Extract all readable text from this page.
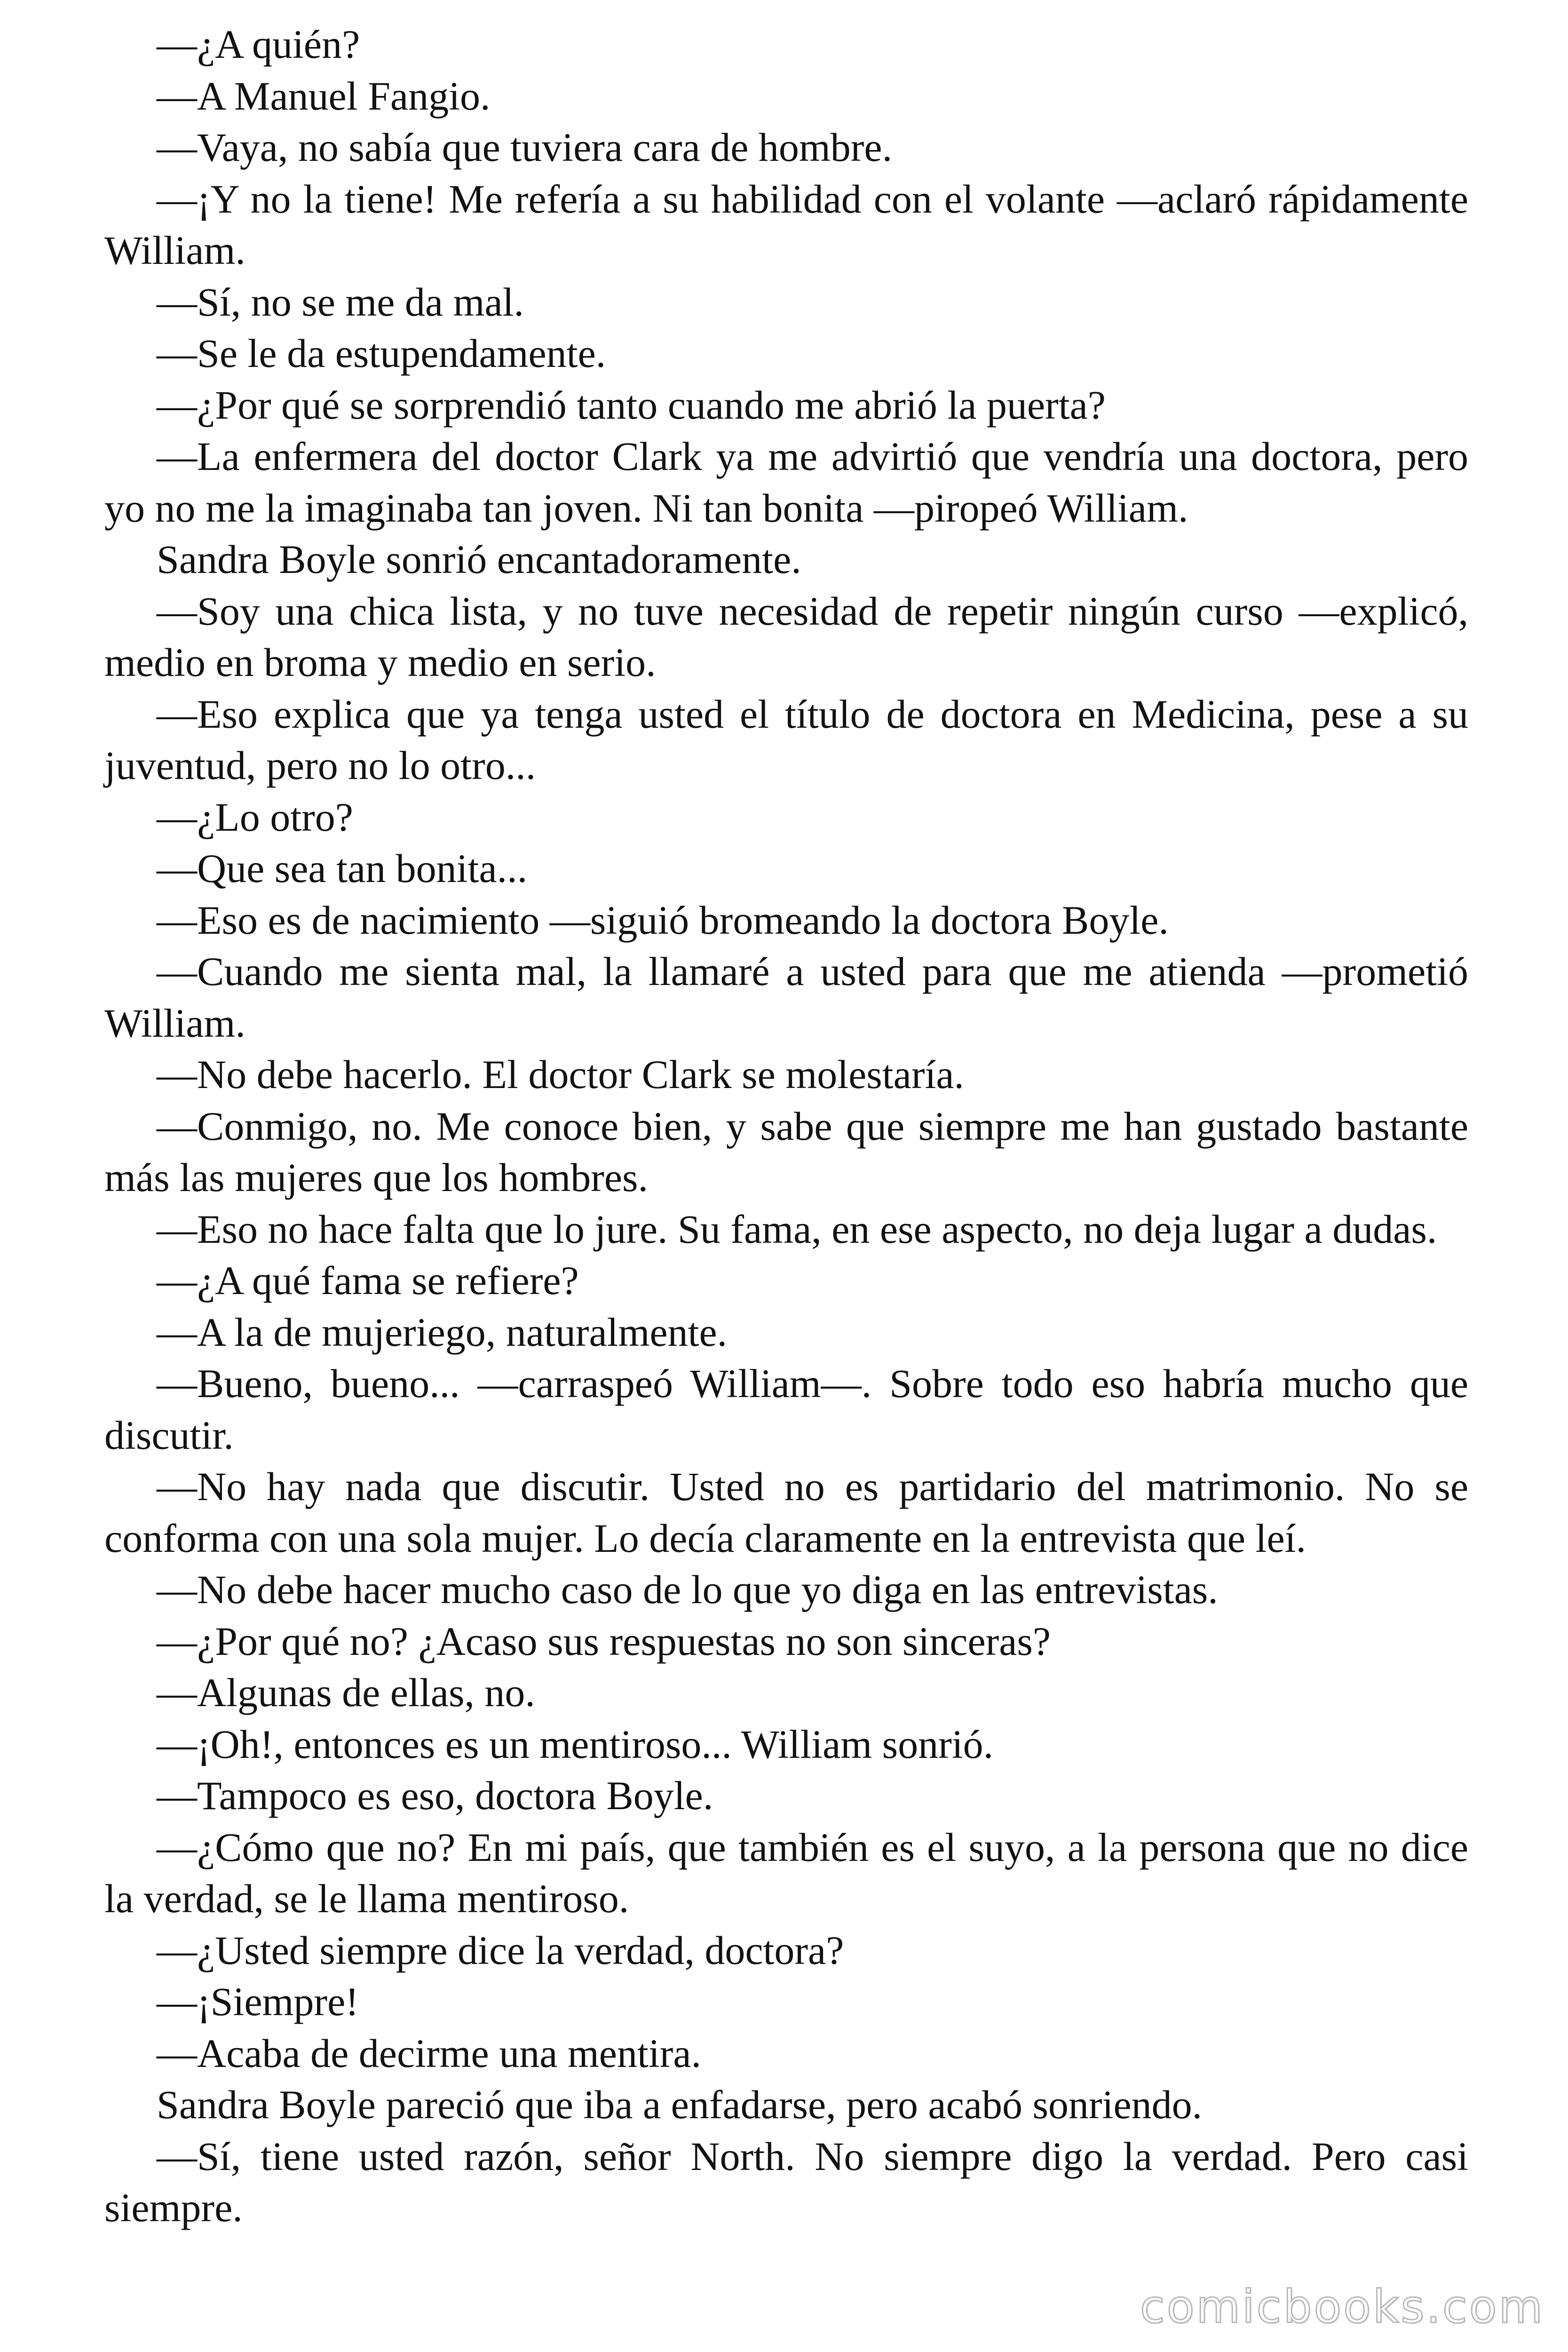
—¿A quién?

—A Manuel Fangio.

—Vaya, no sabía que tuviera cara de hombre.

—¡Y no la tiene! Me refería a su habilidad con el volante —aclaró rápidamente William.

—Sí, no se me da mal.

—Se le da estupendamente.

—¿Por qué se sorprendió tanto cuando me abrió la puerta?

—La enfermera del doctor Clark ya me advirtió que vendría una doctora, pero yo no me la imaginaba tan joven. Ni tan bonita —piropeó William.

Sandra Boyle sonrió encantadoramente.

—Soy una chica lista, y no tuve necesidad de repetir ningún curso —explicó, medio en broma y medio en serio.

—Eso explica que ya tenga usted el título de doctora en Medicina, pese a su juventud, pero no lo otro...

—¿Lo otro?

—Que sea tan bonita...

—Eso es de nacimiento —siguió bromeando la doctora Boyle.

—Cuando me sienta mal, la llamaré a usted para que me atienda —prometió William.

—No debe hacerlo. El doctor Clark se molestaría.

—Conmigo, no. Me conoce bien, y sabe que siempre me han gustado bastante más las mujeres que los hombres.

—Eso no hace falta que lo jure. Su fama, en ese aspecto, no deja lugar a dudas.

—¿A qué fama se refiere?

—A la de mujeriego, naturalmente.

—Bueno, bueno... —carraspeó William—. Sobre todo eso habría mucho que discutir.

—No hay nada que discutir. Usted no es partidario del matrimonio. No se conforma con una sola mujer. Lo decía claramente en la entrevista que leí.

—No debe hacer mucho caso de lo que yo diga en las entrevistas.

—¿Por qué no? ¿Acaso sus respuestas no son sinceras?

—Algunas de ellas, no.

—¡Oh!, entonces es un mentiroso... William sonrió.

—Tampoco es eso, doctora Boyle.

—¿Cómo que no? En mi país, que también es el suyo, a la persona que no dice la verdad, se le llama mentiroso.

—¿Usted siempre dice la verdad, doctora?

—¡Siempre!

—Acaba de decirme una mentira.

Sandra Boyle pareció que iba a enfadarse, pero acabó sonriendo.

—Sí, tiene usted razón, señor North. No siempre digo la verdad. Pero casi siempre.

comicbooks.com
